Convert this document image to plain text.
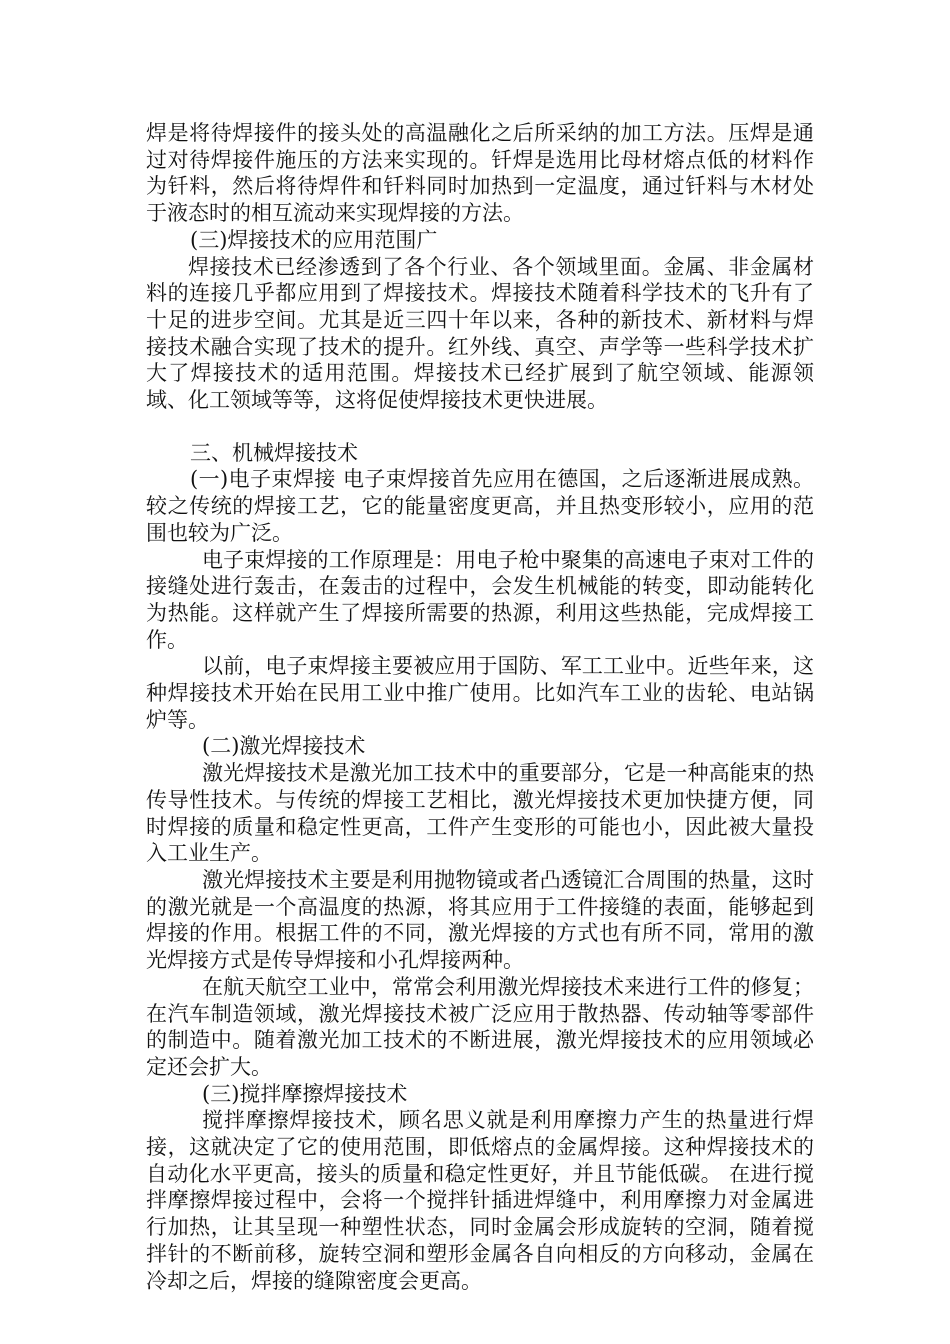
焊是将待焊接件的接头处的高温融化之后所采纳的加工方法。压焊是通过对待焊接件施压的方法来实现的。钎焊是选用比母材熔点低的材料作为钎料，然后将待焊件和钎料同时加热到一定温度，通过钎料与木材处于液态时的相互流动来实现焊接的方法。

(三)焊接技术的应用范围广

焊接技术已经渗透到了各个行业、各个领域里面。金属、非金属材料的连接几乎都应用到了焊接技术。焊接技术随着科学技术的飞升有了十足的进步空间。尤其是近三四十年以来，各种的新技术、新材料与焊接技术融合实现了技术的提升。红外线、真空、声学等一些科学技术扩大了焊接技术的适用范围。焊接技术已经扩展到了航空领域、能源领域、化工领域等等，这将促使焊接技术更快进展。

三、机械焊接技术

(一)电子束焊接 电子束焊接首先应用在德国，之后逐渐进展成熟。较之传统的焊接工艺，它的能量密度更高，并且热变形较小，应用的范围也较为广泛。

电子束焊接的工作原理是：用电子枪中聚集的高速电子束对工件的接缝处进行轰击，在轰击的过程中，会发生机械能的转变，即动能转化为热能。这样就产生了焊接所需要的热源，利用这些热能，完成焊接工作。

以前，电子束焊接主要被应用于国防、军工工业中。近些年来，这种焊接技术开始在民用工业中推广使用。比如汽车工业的齿轮、电站锅炉等。

(二)激光焊接技术

激光焊接技术是激光加工技术中的重要部分，它是一种高能束的热传导性技术。与传统的焊接工艺相比，激光焊接技术更加快捷方便，同时焊接的质量和稳定性更高，工件产生变形的可能也小，因此被大量投入工业生产。

激光焊接技术主要是利用抛物镜或者凸透镜汇合周围的热量，这时的激光就是一个高温度的热源，将其应用于工件接缝的表面，能够起到焊接的作用。根据工件的不同，激光焊接的方式也有所不同，常用的激光焊接方式是传导焊接和小孔焊接两种。

在航天航空工业中，常常会利用激光焊接技术来进行工件的修复；在汽车制造领域，激光焊接技术被广泛应用于散热器、传动轴等零部件的制造中。随着激光加工技术的不断进展，激光焊接技术的应用领域必定还会扩大。

(三)搅拌摩擦焊接技术

搅拌摩擦焊接技术，顾名思义就是利用摩擦力产生的热量进行焊接，这就决定了它的使用范围，即低熔点的金属焊接。这种焊接技术的自动化水平更高，接头的质量和稳定性更好，并且节能低碳。 在进行搅拌摩擦焊接过程中，会将一个搅拌针插进焊缝中，利用摩擦力对金属进行加热，让其呈现一种塑性状态，同时金属会形成旋转的空洞，随着搅拌针的不断前移，旋转空洞和塑形金属各自向相反的方向移动，金属在冷却之后，焊接的缝隙密度会更高。
